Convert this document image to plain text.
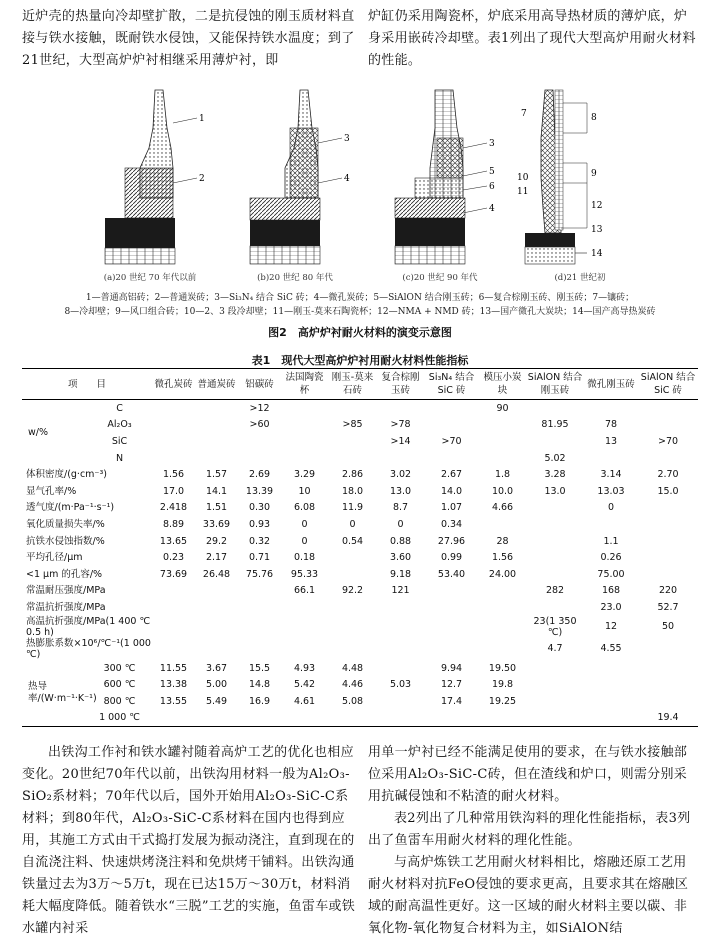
近炉壳的热量向冷却壁扩散，二是抗侵蚀的刚玉质材料直接与铁水接触，既耐铁水侵蚀，又能保持铁水温度；到了21世纪，大型高炉炉衬相继采用薄炉衬，即

炉缸仍采用陶瓷杯，炉底采用高导热材质的薄炉底，炉身采用嵌砖冷却壁。表1列出了现代大型高炉用耐火材料的性能。

1
2
(a)20 世纪 70 年代以前
3
4
(b)20 世纪 80 年代
3
5
6
4
(c)20 世纪 90 年代
7	8
9
10
11
12
13
14
(d)21 世纪初
1—普通高铝砖；2—普通炭砖；3—Si₃N₄ 结合 SiC 砖；4—微孔炭砖；5—SiAlON 结合刚玉砖；6—复合棕刚玉砖、刚玉砖；7—镶砖；
8—冷却壁；9—风口组合砖；10—2、3 段冷却壁；11—刚玉-莫来石陶瓷杯；12—NMA + NMD 砖；13—国产微孔大炭块；14—国产高导热炭砖
图2　高炉炉衬耐火材料的演变示意图
表1　现代大型高炉炉衬用耐火材料性能指标
项　　目		微孔炭砖	普通炭砖	铝碳砖	法国陶瓷杯	刚玉-莫来石砖	复合棕刚玉砖	Si₃N₄ 结合 SiC 砖	模压小炭块	SiAlON 结合刚玉砖	微孔刚玉砖	SiAlON 结合 SiC 砖
w/%	C			>12					90			
	Al₂O₃			>60		>85	>78			81.95	78	
	SiC						>14	>70			13	>70
	N									5.02		
体积密度/(g·cm⁻³)		1.56	1.57	2.69	3.29	2.86	3.02	2.67	1.8	3.28	3.14	2.70
显气孔率/%		17.0	14.1	13.39	10	18.0	13.0	14.0	10.0	13.0	13.03	15.0
透气度/(m·Pa⁻¹·s⁻¹)		2.418	1.51	0.30	6.08	11.9	8.7	1.07	4.66		0	
氧化质量损失率/%		8.89	33.69	0.93	0	0	0	0.34				
抗铁水侵蚀指数/%		13.65	29.2	0.32	0	0.54	0.88	27.96	28		1.1	
平均孔径/μm		0.23	2.17	0.71	0.18		3.60	0.99	1.56		0.26	
<1 μm 的孔容/%		73.69	26.48	75.76	95.33		9.18	53.40	24.00		75.00	
常温耐压强度/MPa					66.1	92.2	121			282	168	220
常温抗折强度/MPa											23.0	52.7
高温抗折强度/MPa(1 400 ℃ 0.5 h)										23(1 350 ℃)	12	50
热膨胀系数×10⁶/℃⁻¹(1 000 ℃)										4.7	4.55	
热导率/(W·m⁻¹·K⁻¹)	300 ℃	11.55	3.67	15.5	4.93	4.48		9.94	19.50			
	600 ℃	13.38	5.00	14.8	5.42	4.46	5.03	12.7	19.8			
	800 ℃	13.55	5.49	16.9	4.61	5.08		17.4	19.25			
	1 000 ℃											19.4

出铁沟工作衬和铁水罐衬随着高炉工艺的优化也相应变化。20世纪70年代以前，出铁沟用材料一般为Al₂O₃-SiO₂系材料；70年代以后，国外开始用Al₂O₃-SiC-C系材料；到80年代，Al₂O₃-SiC-C系材料在国内也得到应用，其施工方式由干式捣打发展为振动浇注，直到现在的自流浇注料、快速烘烤浇注料和免烘烤干铺料。出铁沟通铁量过去为3万～5万t，现在已达15万～30万t，材料消耗大幅度降低。随着铁水“三脱”工艺的实施，鱼雷车或铁水罐内衬采

用单一炉衬已经不能满足使用的要求，在与铁水接触部位采用Al₂O₃-SiC-C砖，但在渣线和炉口，则需分别采用抗碱侵蚀和不粘渣的耐火材料。

表2列出了几种常用铁沟料的理化性能指标，表3列出了鱼雷车用耐火材料的理化性能。

与高炉炼铁工艺用耐火材料相比，熔融还原工艺用耐火材料对抗FeO侵蚀的要求更高，且要求其在熔融区域的耐高温性更好。这一区域的耐火材料主要以碳、非氧化物-氧化物复合材料为主，如SiAlON结
